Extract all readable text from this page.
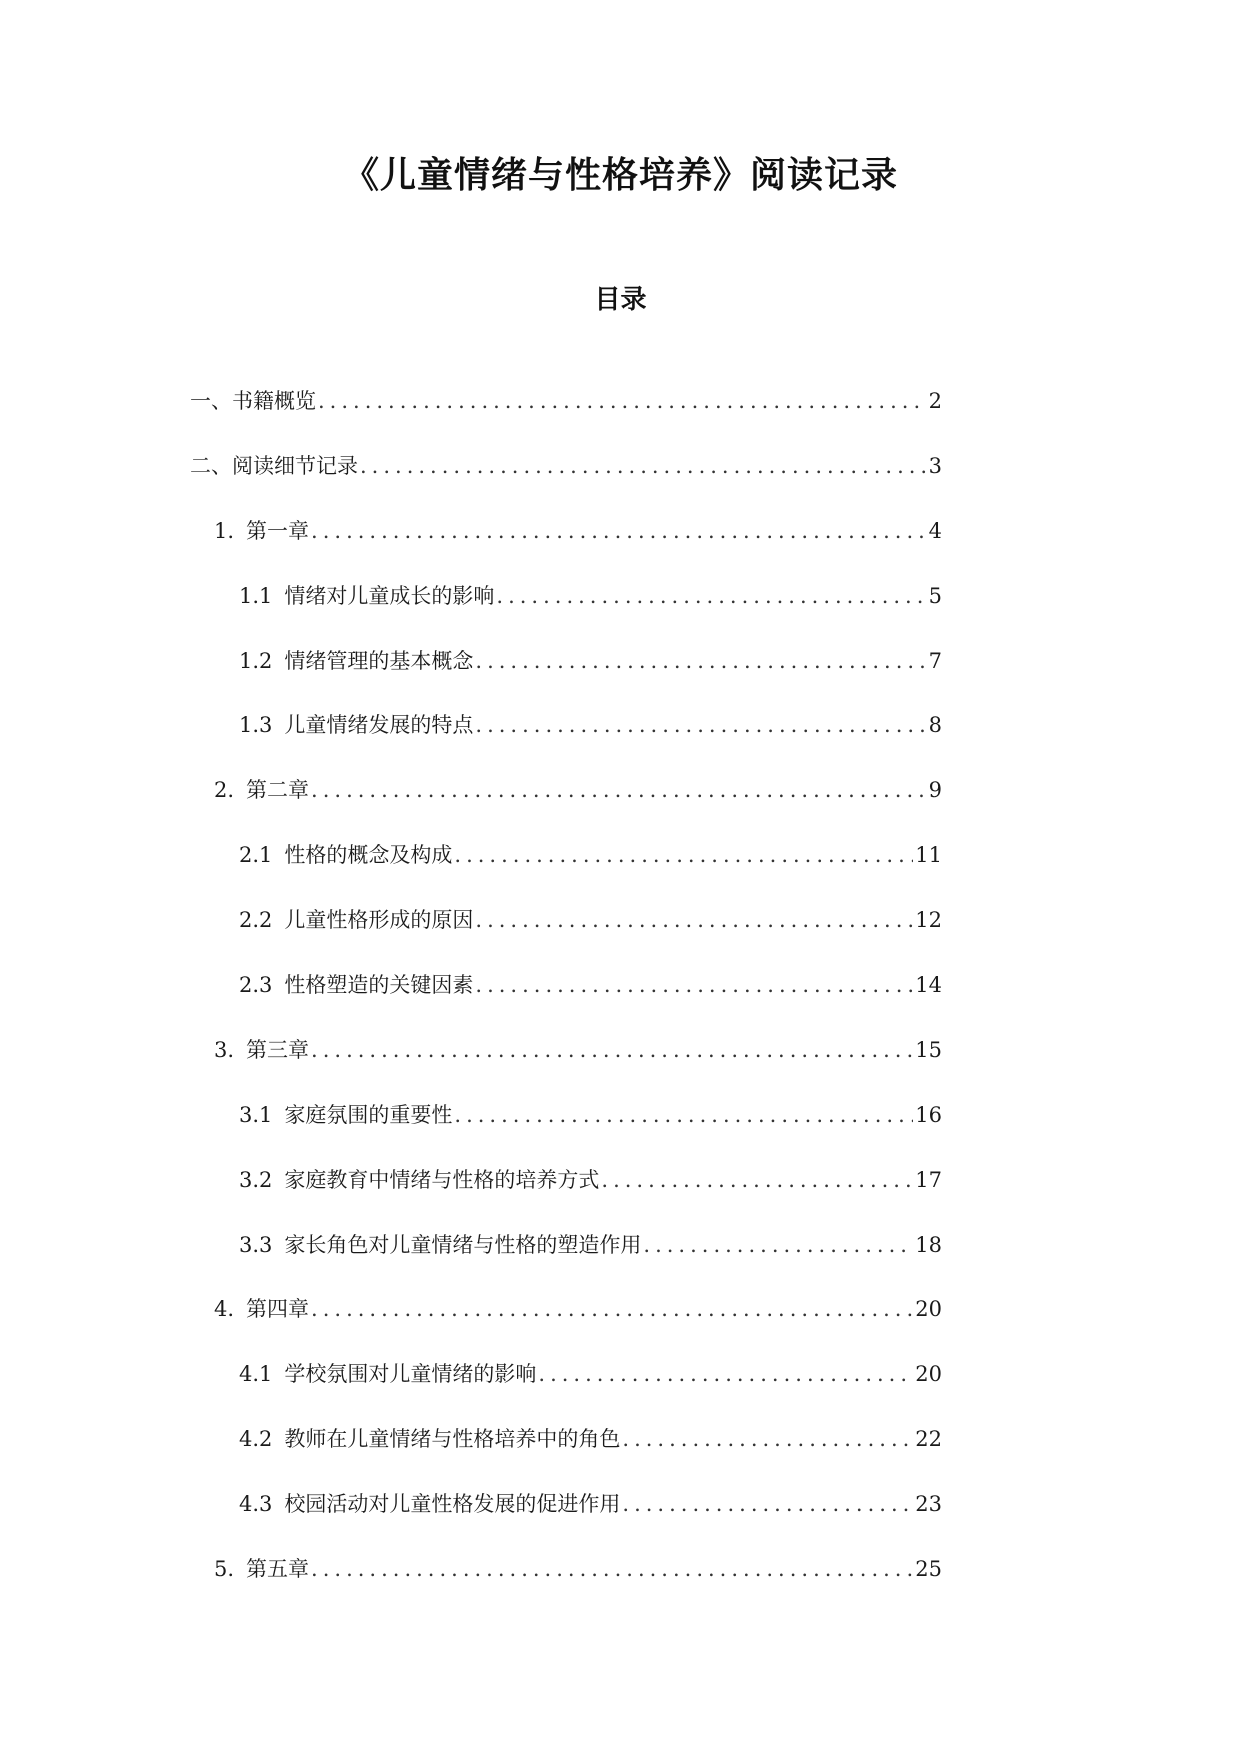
《儿童情绪与性格培养》阅读记录
目录
一、书籍概览 .....	2
二、阅读细节记录 .....	3
1. 第一章 .....	4
1.1 情绪对儿童成长的影响 .....	5
1.2 情绪管理的基本概念 .....	7
1.3 儿童情绪发展的特点 .....	8
2. 第二章 .....	9
2.1 性格的概念及构成 .....	11
2.2 儿童性格形成的原因 .....	12
2.3 性格塑造的关键因素 .....	14
3. 第三章 .....	15
3.1 家庭氛围的重要性 .....	16
3.2 家庭教育中情绪与性格的培养方式 .....	17
3.3 家长角色对儿童情绪与性格的塑造作用 .....	18
4. 第四章 .....	20
4.1 学校氛围对儿童情绪的影响 .....	20
4.2 教师在儿童情绪与性格培养中的角色 .....	22
4.3 校园活动对儿童性格发展的促进作用 .....	23
5. 第五章 .....	25
